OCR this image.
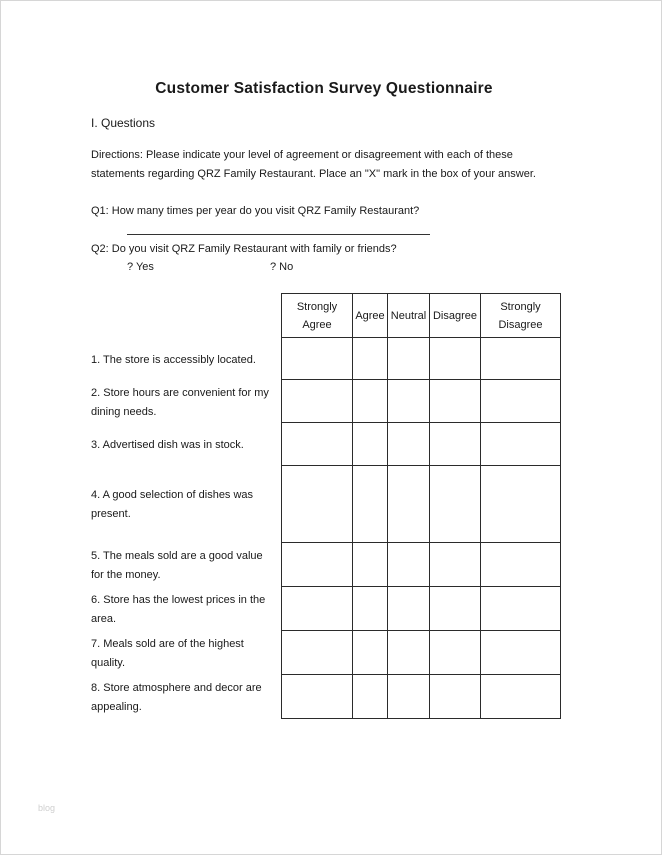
Customer Satisfaction Survey Questionnaire
I. Questions
Directions: Please indicate your level of agreement or disagreement with each of these statements regarding QRZ Family Restaurant. Place an "X" mark in the box of your answer.
Q1: How many times per year do you visit QRZ Family Restaurant?
Q2: Do you visit QRZ Family Restaurant with family or friends?
? Yes	? No
Strongly Agree	Agree	Neutral	Disagree	Strongly Disagree

1. The store is accessibly located.
2. Store hours are convenient for my dining needs.
3. Advertised dish was in stock.
4. A good selection of dishes was present.
5. The meals sold are a good value for the money.
6. Store has the lowest prices in the area.
7. Meals sold are of the highest quality.
8. Store atmosphere and decor are appealing.
blog
